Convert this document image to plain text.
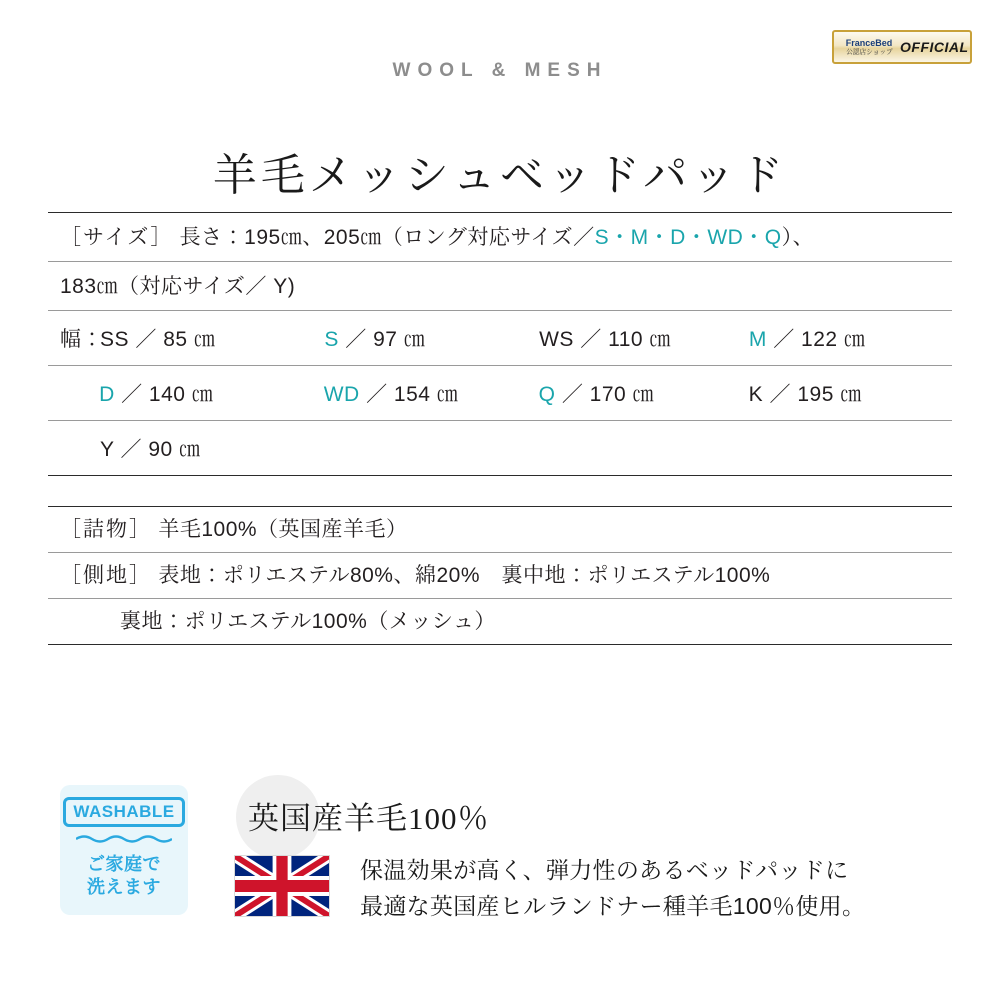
FranceBed
公認店ショップ OFFICIAL
WOOL & MESH
羊毛メッシュベッドパッド
［サイズ］ 長さ：195㎝、205㎝（ロング対応サイズ／S・M・D・WD・Q）、
183㎝（対応サイズ／ Y)
幅：
SS ／ 85 ㎝	S ／ 97 ㎝	WS ／ 110 ㎝	M ／ 122 ㎝
D ／ 140 ㎝	WD ／ 154 ㎝	Q ／ 170 ㎝	K ／ 195 ㎝
Y ／ 90 ㎝
［詰物］ 羊毛100%（英国産羊毛）
［側地］ 表地：ポリエステル80%、綿20%　裏中地：ポリエステル100%
裏地：ポリエステル100%（メッシュ）
WASHABLE
ご家庭で
洗えます
英国産羊毛100％
保温効果が高く、弾力性のあるベッドパッドに
最適な英国産ヒルランドナー種羊毛100％使用。
